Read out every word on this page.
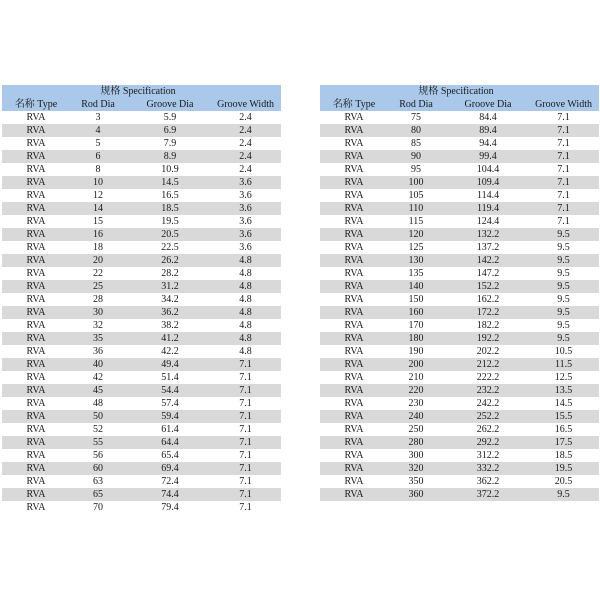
	规格 Specification		
名称 Type	Rod Dia	Groove Dia	Groove Width
RVA	3	5.9	2.4
RVA	4	6.9	2.4
RVA	5	7.9	2.4
RVA	6	8.9	2.4
RVA	8	10.9	2.4
RVA	10	14.5	3.6
RVA	12	16.5	3.6
RVA	14	18.5	3.6
RVA	15	19.5	3.6
RVA	16	20.5	3.6
RVA	18	22.5	3.6
RVA	20	26.2	4.8
RVA	22	28.2	4.8
RVA	25	31.2	4.8
RVA	28	34.2	4.8
RVA	30	36.2	4.8
RVA	32	38.2	4.8
RVA	35	41.2	4.8
RVA	36	42.2	4.8
RVA	40	49.4	7.1
RVA	42	51.4	7.1
RVA	45	54.4	7.1
RVA	48	57.4	7.1
RVA	50	59.4	7.1
RVA	52	61.4	7.1
RVA	55	64.4	7.1
RVA	56	65.4	7.1
RVA	60	69.4	7.1
RVA	63	72.4	7.1
RVA	65	74.4	7.1
RVA	70	79.4	7.1
	规格 Specification		
名称 Type	Rod Dia	Groove Dia	Groove Width
RVA	75	84.4	7.1
RVA	80	89.4	7.1
RVA	85	94.4	7.1
RVA	90	99.4	7.1
RVA	95	104.4	7.1
RVA	100	109.4	7.1
RVA	105	114.4	7.1
RVA	110	119.4	7.1
RVA	115	124.4	7.1
RVA	120	132.2	9.5
RVA	125	137.2	9.5
RVA	130	142.2	9.5
RVA	135	147.2	9.5
RVA	140	152.2	9.5
RVA	150	162.2	9.5
RVA	160	172.2	9.5
RVA	170	182.2	9.5
RVA	180	192.2	9.5
RVA	190	202.2	10.5
RVA	200	212.2	11.5
RVA	210	222.2	12.5
RVA	220	232.2	13.5
RVA	230	242.2	14.5
RVA	240	252.2	15.5
RVA	250	262.2	16.5
RVA	280	292.2	17.5
RVA	300	312.2	18.5
RVA	320	332.2	19.5
RVA	350	362.2	20.5
RVA	360	372.2	9.5
